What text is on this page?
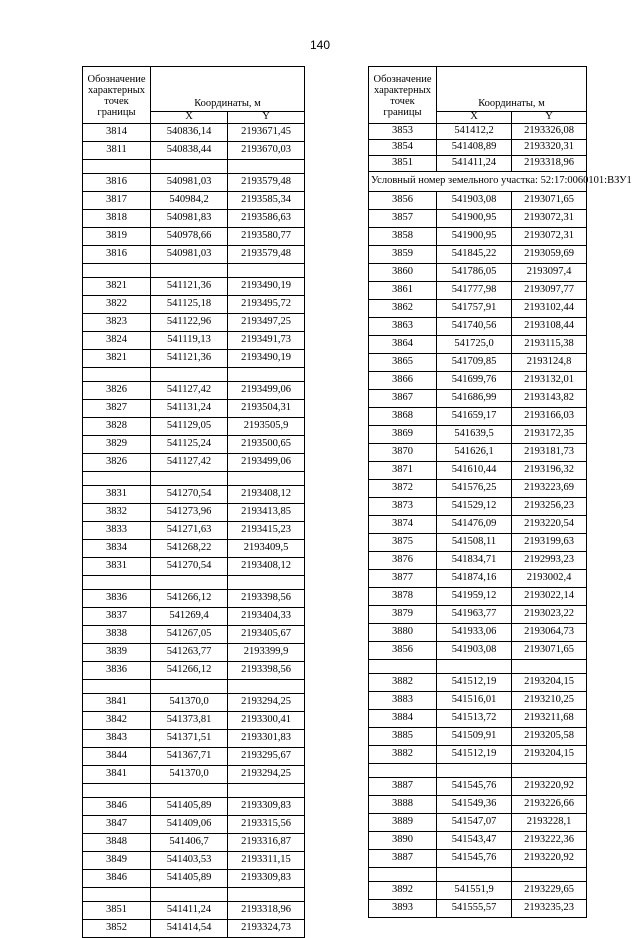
140
Обозначение характерных точек границы	Координаты, м	
	X	Y
3814	540836,14	2193671,45
3811	540838,44	2193670,03

3816	540981,03	2193579,48
3817	540984,2	2193585,34
3818	540981,83	2193586,63
3819	540978,66	2193580,77
3816	540981,03	2193579,48

3821	541121,36	2193490,19
3822	541125,18	2193495,72
3823	541122,96	2193497,25
3824	541119,13	2193491,73
3821	541121,36	2193490,19

3826	541127,42	2193499,06
3827	541131,24	2193504,31
3828	541129,05	2193505,9
3829	541125,24	2193500,65
3826	541127,42	2193499,06

3831	541270,54	2193408,12
3832	541273,96	2193413,85
3833	541271,63	2193415,23
3834	541268,22	2193409,5
3831	541270,54	2193408,12

3836	541266,12	2193398,56
3837	541269,4	2193404,33
3838	541267,05	2193405,67
3839	541263,77	2193399,9
3836	541266,12	2193398,56

3841	541370,0	2193294,25
3842	541373,81	2193300,41
3843	541371,51	2193301,83
3844	541367,71	2193295,67
3841	541370,0	2193294,25

3846	541405,89	2193309,83
3847	541409,06	2193315,56
3848	541406,7	2193316,87
3849	541403,53	2193311,15
3846	541405,89	2193309,83

3851	541411,24	2193318,96
3852	541414,54	2193324,73
Обозначение характерных точек границы	Координаты, м	
	X	Y
3853	541412,2	2193326,08
3854	541408,89	2193320,31
3851	541411,24	2193318,96
Условный номер земельного участка: 52:17:0060101:ВЗУ1		
3856	541903,08	2193071,65
3857	541900,95	2193072,31
3858	541900,95	2193072,31
3859	541845,22	2193059,69
3860	541786,05	2193097,4
3861	541777,98	2193097,77
3862	541757,91	2193102,44
3863	541740,56	2193108,44
3864	541725,0	2193115,38
3865	541709,85	2193124,8
3866	541699,76	2193132,01
3867	541686,99	2193143,82
3868	541659,17	2193166,03
3869	541639,5	2193172,35
3870	541626,1	2193181,73
3871	541610,44	2193196,32
3872	541576,25	2193223,69
3873	541529,12	2193256,23
3874	541476,09	2193220,54
3875	541508,11	2193199,63
3876	541834,71	2192993,23
3877	541874,16	2193002,4
3878	541959,12	2193022,14
3879	541963,77	2193023,22
3880	541933,06	2193064,73
3856	541903,08	2193071,65

3882	541512,19	2193204,15
3883	541516,01	2193210,25
3884	541513,72	2193211,68
3885	541509,91	2193205,58
3882	541512,19	2193204,15

3887	541545,76	2193220,92
3888	541549,36	2193226,66
3889	541547,07	2193228,1
3890	541543,47	2193222,36
3887	541545,76	2193220,92

3892	541551,9	2193229,65
3893	541555,57	2193235,23
